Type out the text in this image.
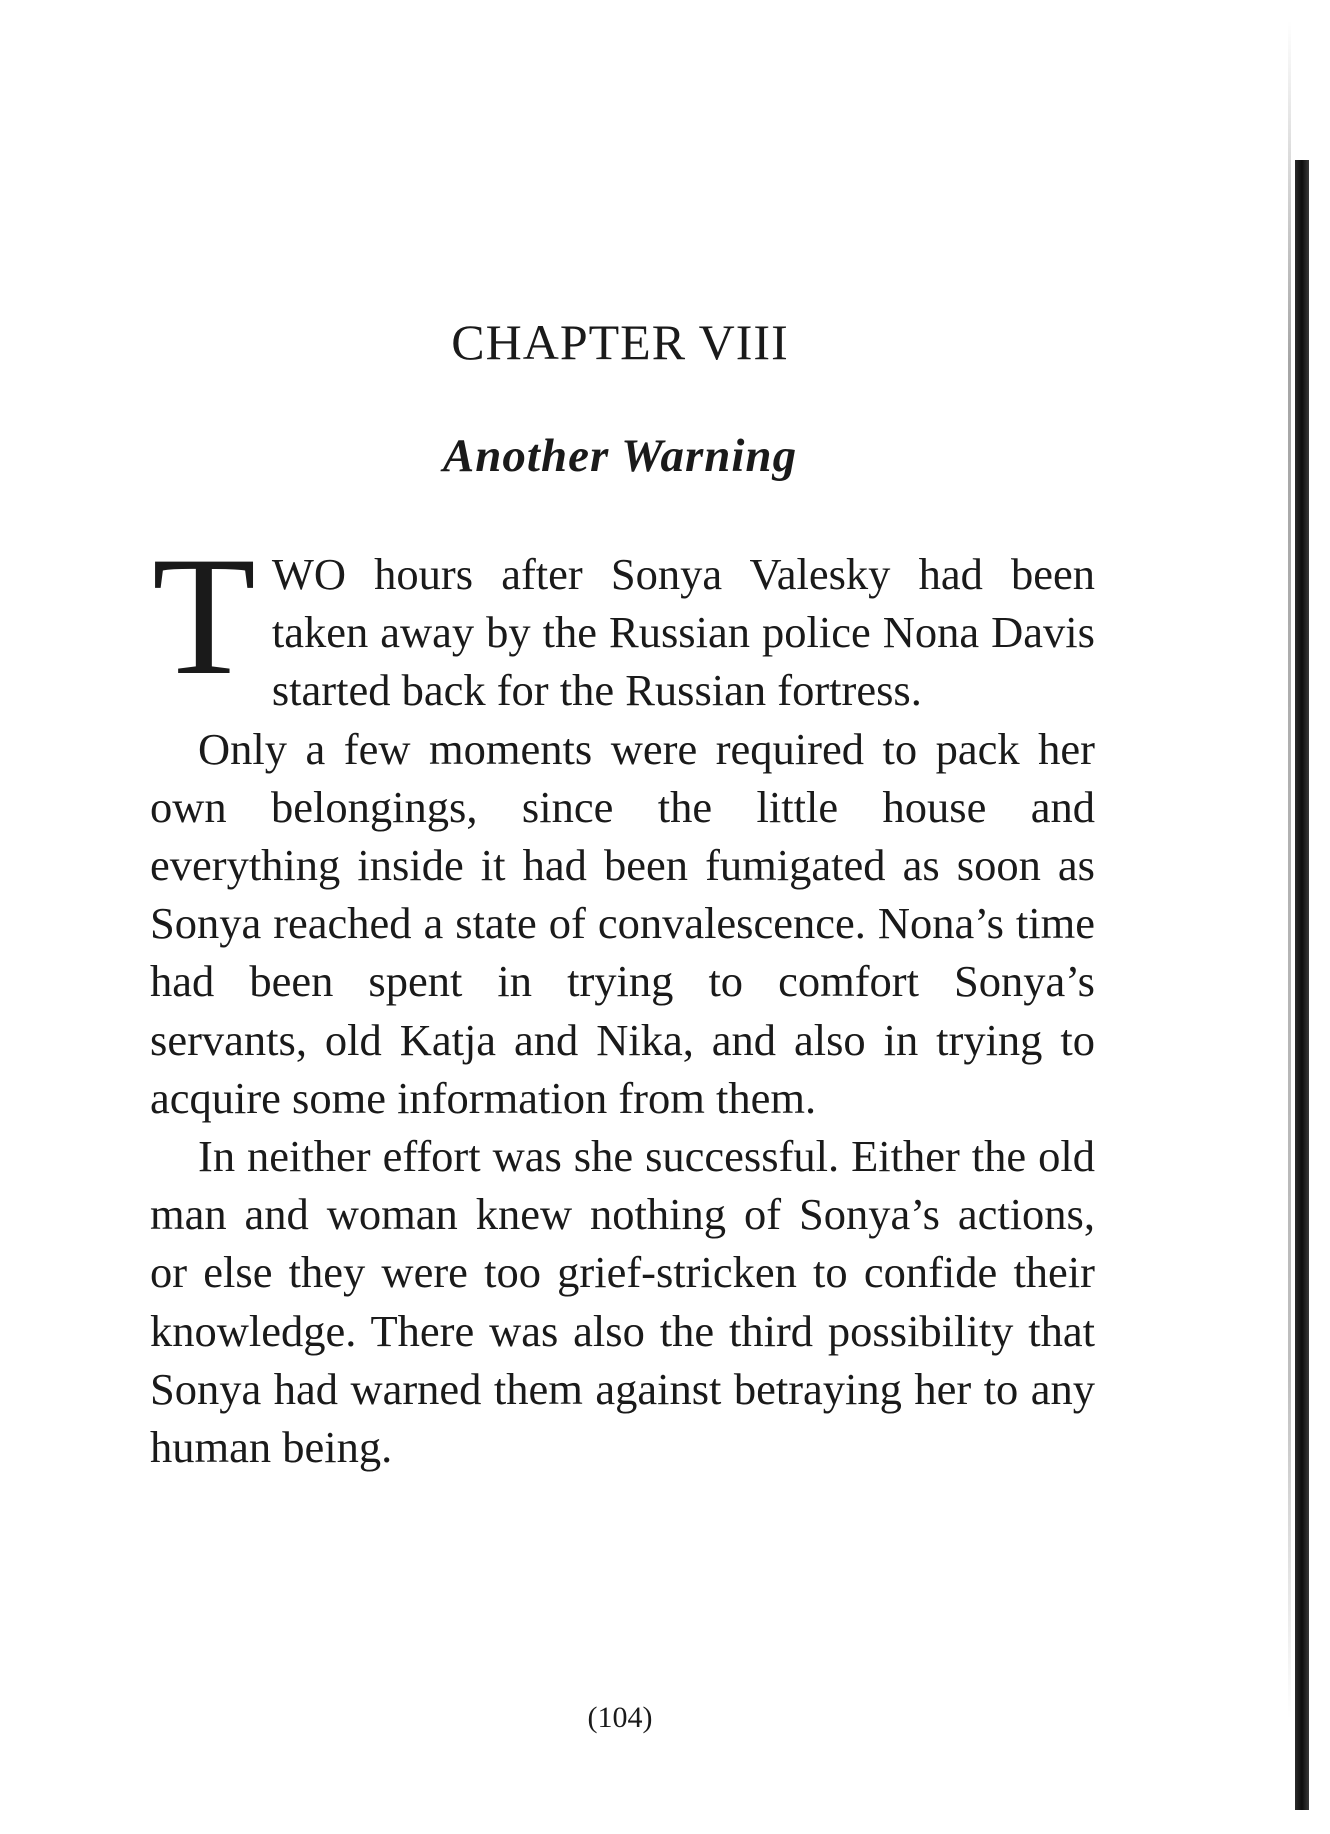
CHAPTER VIII
Another Warning

TWO hours after Sonya Valesky had been taken away by the Russian police Nona Davis started back for the Russian fortress.

Only a few moments were required to pack her own belongings, since the little house and everything inside it had been fumigated as soon as Sonya reached a state of convalescence. Nona’s time had been spent in trying to comfort Sonya’s servants, old Katja and Nika, and also in trying to acquire some information from them.

In neither effort was she successful. Either the old man and woman knew nothing of Sonya’s actions, or else they were too grief-stricken to confide their knowledge. There was also the third possibility that Sonya had warned them against betraying her to any human being.

(104)
